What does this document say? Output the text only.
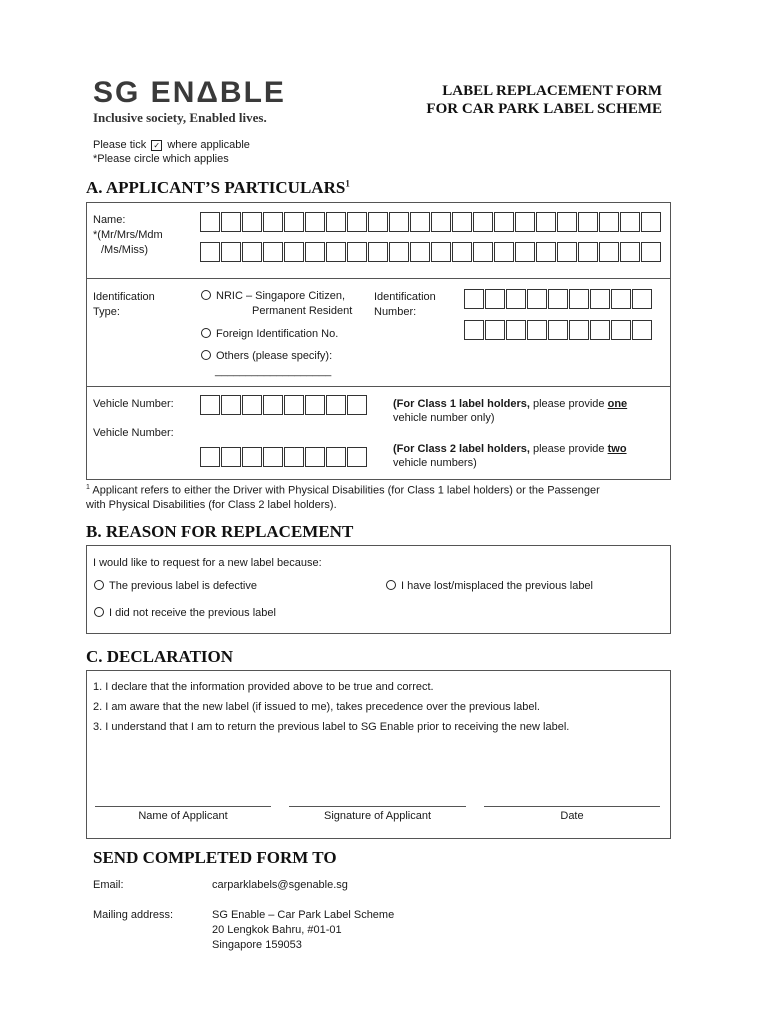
SG ENΔBLE
Inclusive society, Enabled lives.
LABEL REPLACEMENT FORM
FOR CAR PARK LABEL SCHEME
Please tick ✓ where applicable
*Please circle which applies
A. APPLICANT’S PARTICULARS$^1$
Name:
*(Mr/Mrs/Mdm
/Ms/Miss)
Identification
Type:
NRIC – Singapore Citizen,
Permanent Resident
Foreign Identification No.
Others (please specify):
___________________
Identification
Number:
Vehicle Number:
Vehicle Number:
(For Class 1 label holders, please provide one
vehicle number only)
(For Class 2 label holders, please provide two
vehicle numbers)
$^1$ Applicant refers to either the Driver with Physical Disabilities (for Class 1 label holders) or the Passenger
with Physical Disabilities (for Class 2 label holders).
B. REASON FOR REPLACEMENT
I would like to request for a new label because:
The previous label is defective	I have lost/misplaced the previous label
I did not receive the previous label
C. DECLARATION
1. I declare that the information provided above to be true and correct.
2. I am aware that the new label (if issued to me), takes precedence over the previous label.
3. I understand that I am to return the previous label to SG Enable prior to receiving the new label.
Name of Applicant	Signature of Applicant	Date
SEND COMPLETED FORM TO
Email:	carparklabels@sgenable.sg
Mailing address:	SG Enable – Car Park Label Scheme
20 Lengkok Bahru, #01-01
Singapore 159053
